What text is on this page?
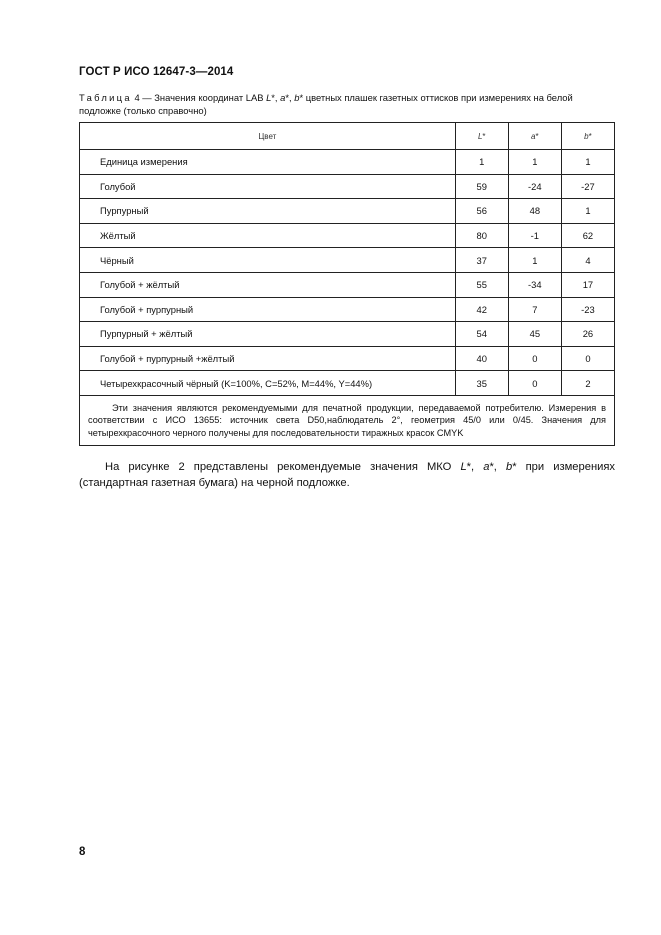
ГОСТ Р ИСО 12647-3—2014
Таблица 4 — Значения координат LAB L*, a*, b* цветных плашек газетных оттисков при измерениях на белой подложке (только справочно)
Цвет	L*	a*	b*
Единица измерения	1	1	1
Голубой	59	-24	-27
Пурпурный	56	48	1
Жёлтый	80	-1	62
Чёрный	37	1	4
Голубой + жёлтый	55	-34	17
Голубой + пурпурный	42	7	-23
Пурпурный + жёлтый	54	45	26
Голубой + пурпурный +жёлтый	40	0	0
Четырехкрасочный чёрный (K=100%, C=52%, M=44%, Y=44%)	35	0	2
Эти значения являются рекомендуемыми для печатной продукции, передаваемой потребителю. Измерения в соответствии с ИСО 13655: источник света D50,наблюдатель 2°, геометрия 45/0 или 0/45. Значения для четырехкрасочного черного получены для последовательности тиражных красок CMYK			
На рисунке 2 представлены рекомендуемые значения МКО L*, a*, b* при измерениях (стандартная газетная бумага) на черной подложке.
8
